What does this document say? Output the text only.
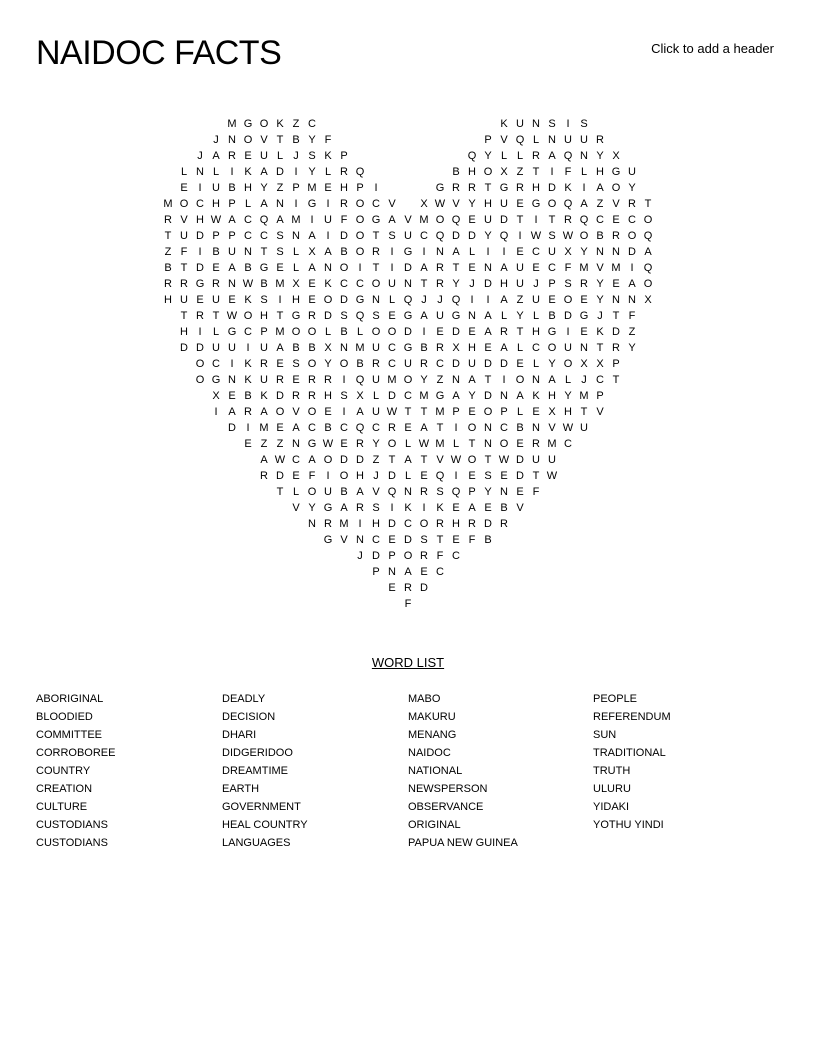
NAIDOC FACTS	Click to add a header
M G O K Z C	K U N S I S
J N O V T B Y F	P V Q L N U U R
J A R E U L J S K P	Q Y L L R A Q N Y X
L N L	I K A D I Y L R Q	B H O X Z T	I	F L H G U
E I U B H Y Z P M E H P I	G R R T G R H D K I A O Y
M O C H P L A N I G I R O C V	X W V Y H U E G O Q A Z V R T
R V H W A C Q A M I U F O G A V M O Q E U D T	I	T R Q C E C O
T U D P P C C S N A I D O T S U C Q D D Y Q I W S W O B R O Q
Z F	I B U N T S L X A B O R I G I N A L	I	I E C U X Y N N D A
B T D E A B G E L A N O I	T	I D A R T E N A U E C F M V M I Q
R R G R N W B M X E K C C O U N T R Y J D H U J P S R Y E A O
H U E U E K S I H E O D G N L Q J J Q I	I A Z U E O E Y N N X
T R T W O H T G R D S Q S E G A U G N A L Y L B D G J T F
H I	L G C P M O O L B L O O D I E D E A R T H G I E K D Z
D D U U I U A B B X N M U C G B R X H E A L C O U N T R Y
O C I K R E S O Y O B R C U R C D U D D E L Y O X X P
O G N K U R E R R I Q U M O Y Z N A T	I O N A L J C T
X E B K D R R H S X L D C M G A Y D N A K H Y M P
I A R A O V O E I A U W T T M P E O P L E X H T V
D I M E A C B C Q C R E A T	I O N C B N V W U
E Z Z N G W E R Y O L W M L T N O E R M C
A W C A O D D Z T A T V W O T W D U U
R D E F	I O H J D L E Q I E S E D T W
T L O U B A V Q N R S Q P Y N E F
V Y G A R S I K I K E A E B V
N R M I H D C O R H R D R
G V N C E D S T E F B
J D P O R F C
P N A E C
E R D
F
WORD LIST
ABORIGINAL
BLOODIED
COMMITTEE
CORROBOREE
COUNTRY
CREATION
CULTURE
CUSTODIANS
CUSTODIANS
DEADLY
DECISION
DHARI
DIDGERIDOO
DREAMTIME
EARTH
GOVERNMENT
HEAL COUNTRY
LANGUAGES
MABO
MAKURU
MENANG
NAIDOC
NATIONAL
NEWSPERSON
OBSERVANCE
ORIGINAL
PAPUA NEW GUINEA
PEOPLE
REFERENDUM
SUN
TRADITIONAL
TRUTH
ULURU
YIDAKI
YOTHU YINDI
